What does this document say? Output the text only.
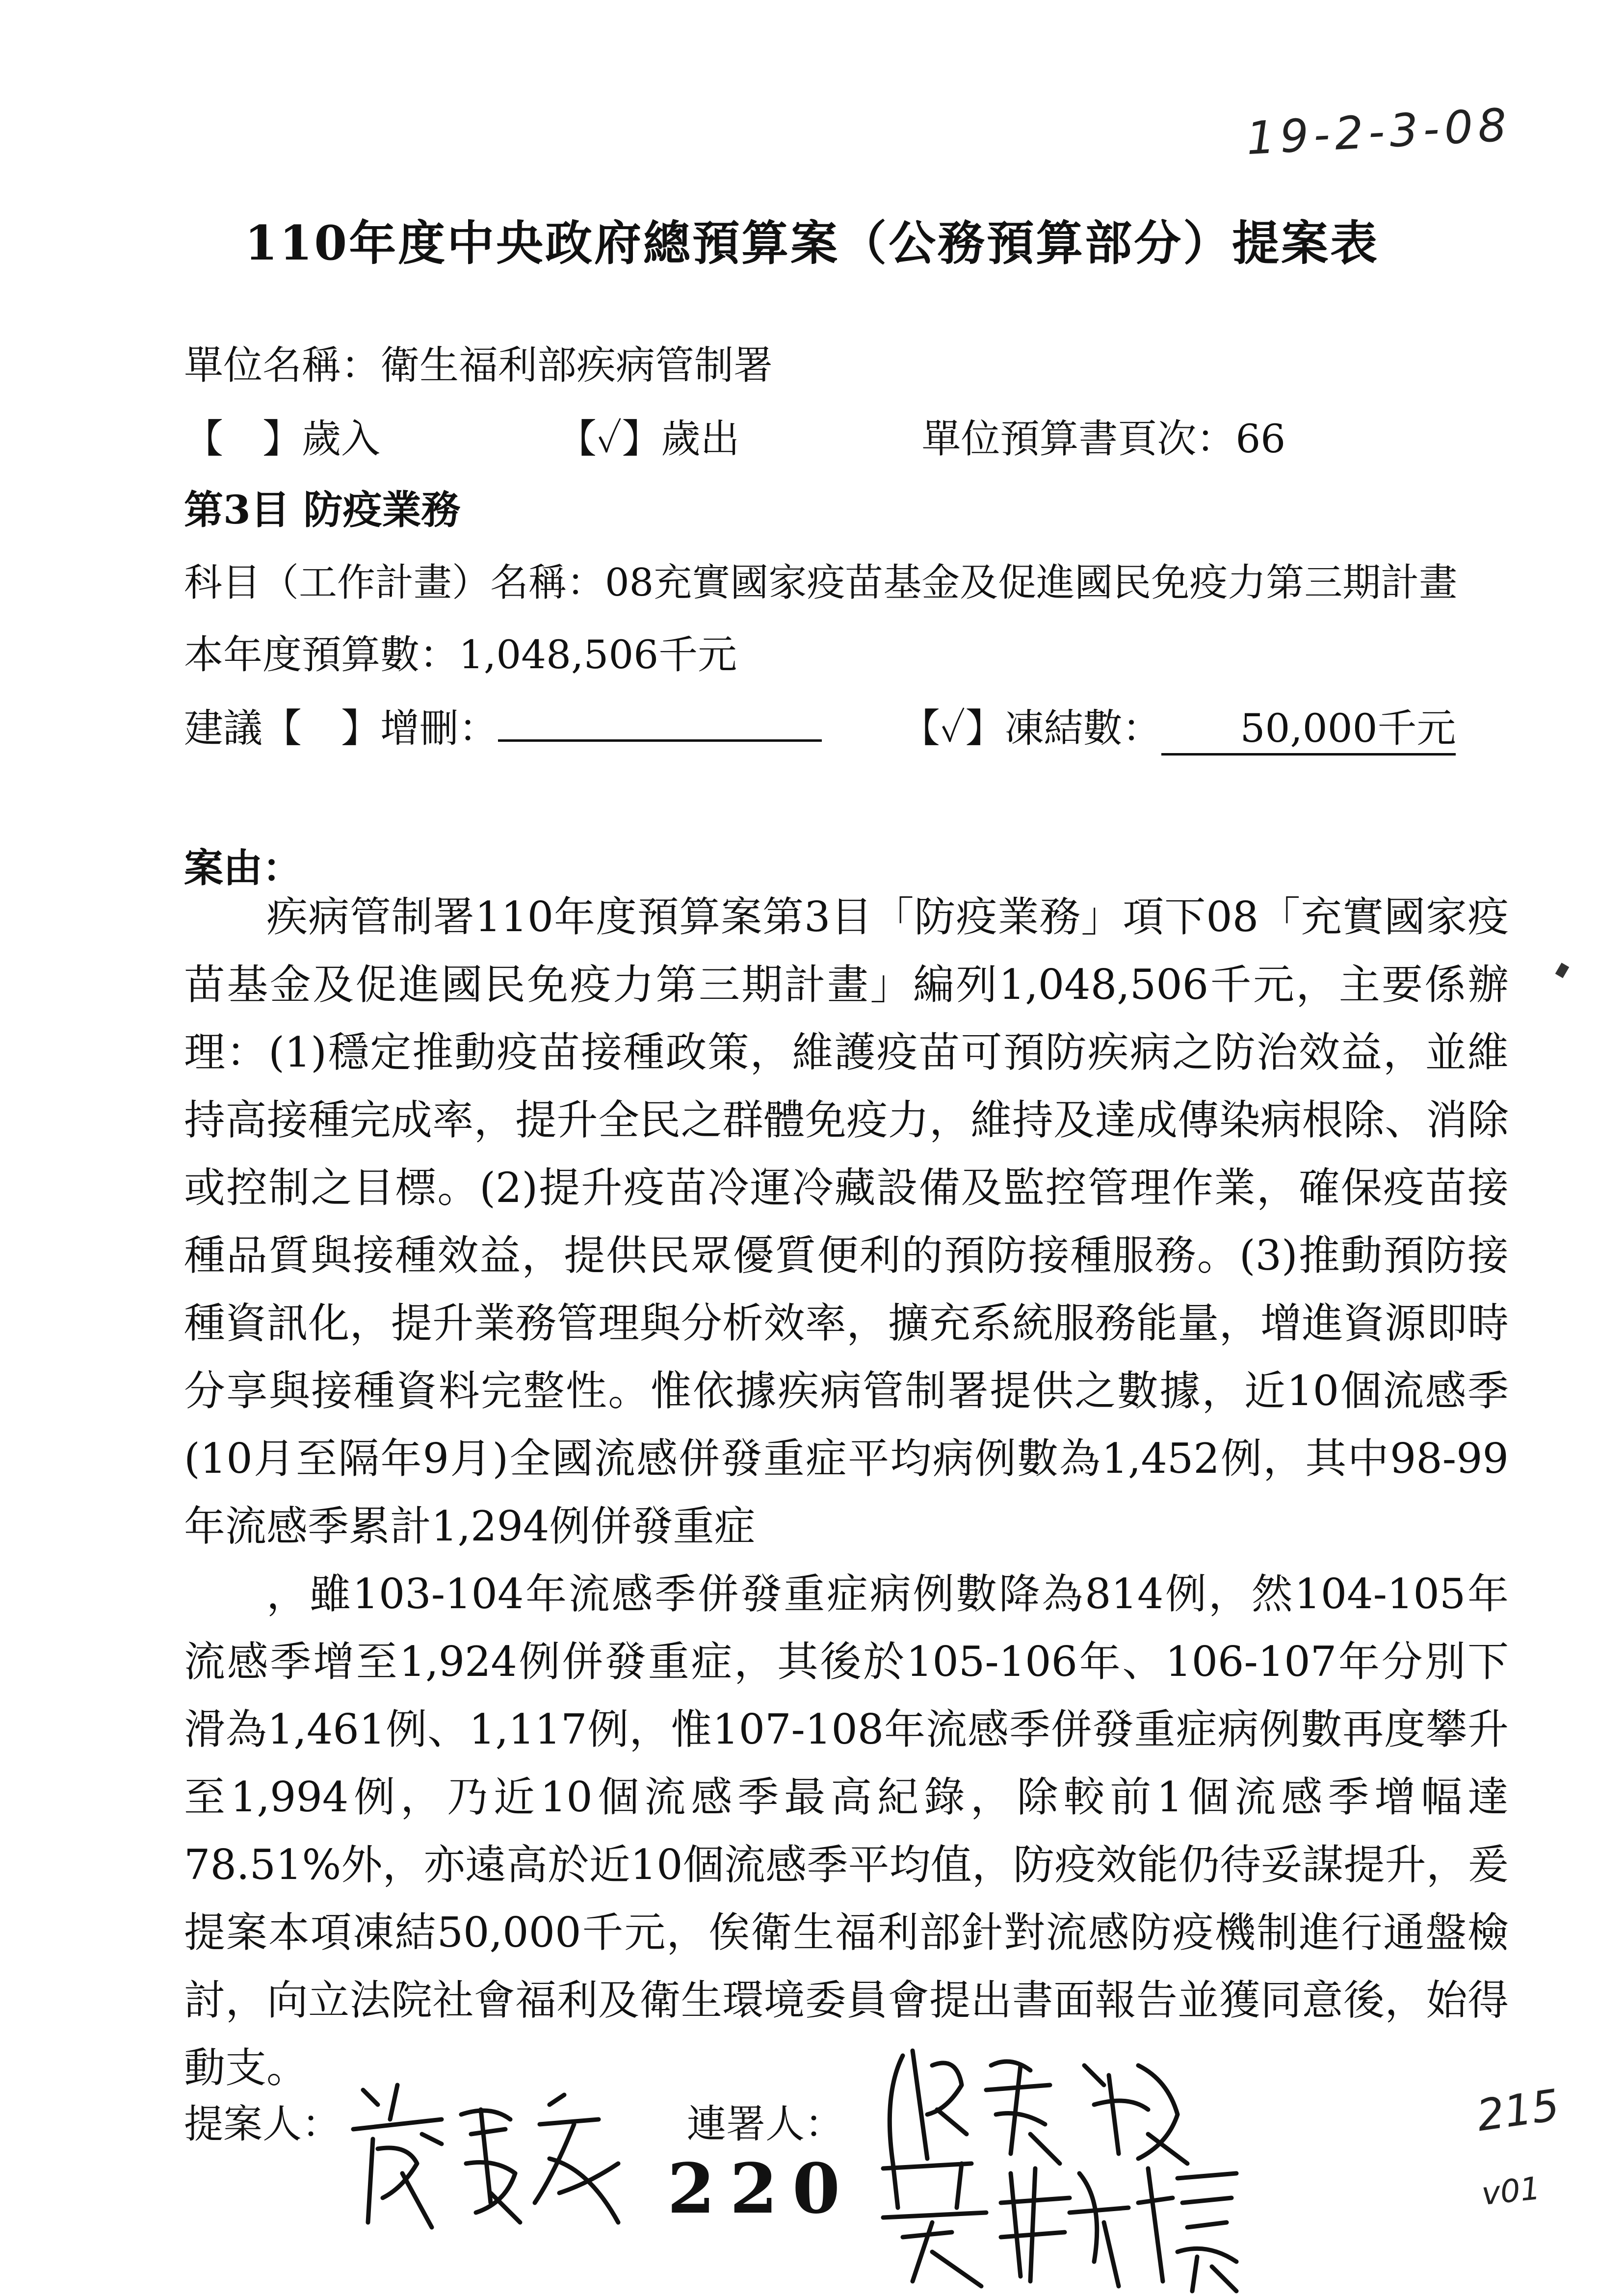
19-2-3-08
110年度中央政府總預算案（公務預算部分）提案表
單位名稱：衛生福利部疾病管制署
【　】歲入	【✓】歲出	單位預算書頁次：66
第3目 防疫業務
科目（工作計畫）名稱：08充實國家疫苗基金及促進國民免疫力第三期計畫
本年度預算數：1,048,506千元
建議【　】增刪：	【✓】凍結數： 50,000千元
案由：

疾病管制署110年度預算案第3目「防疫業務」項下08「充實國家疫苗基金及促進國民免疫力第三期計畫」編列1,048,506千元，主要係辦理：(1)穩定推動疫苗接種政策，維護疫苗可預防疾病之防治效益，並維持高接種完成率，提升全民之群體免疫力，維持及達成傳染病根除、消除或控制之目標。(2)提升疫苗冷運冷藏設備及監控管理作業，確保疫苗接種品質與接種效益，提供民眾優質便利的預防接種服務。(3)推動預防接種資訊化，提升業務管理與分析效率，擴充系統服務能量，增進資源即時分享與接種資料完整性。惟依據疾病管制署提供之數據，近10個流感季(10月至隔年9月)全國流感併發重症平均病例數為1,452例，其中98-99年流感季累計1,294例併發重症

，雖103-104年流感季併發重症病例數降為814例，然104-105年流感季增至1,924例併發重症，其後於105-106年、106-107年分別下滑為1,461例、1,117例，惟107-108年流感季併發重症病例數再度攀升至1,994例，乃近10個流感季最高紀錄，除較前1個流感季增幅達78.51%外，亦遠高於近10個流感季平均值，防疫效能仍待妥謀提升，爰提案本項凍結50,000千元，俟衛生福利部針對流感防疫機制進行通盤檢討，向立法院社會福利及衛生環境委員會提出書面報告並獲同意後，始得動支。

提案人：	連署人：
220
215
v01
